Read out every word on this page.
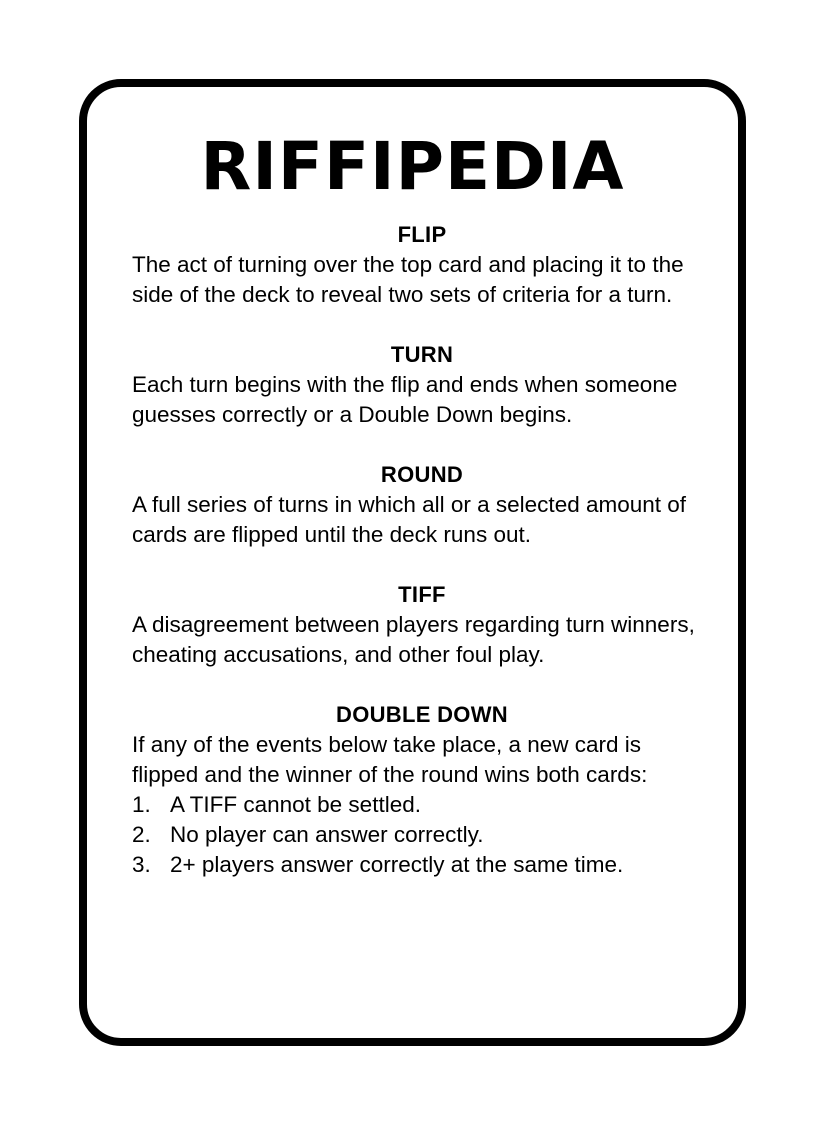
RIFFIPEDIA

FLIP

The act of turning over the top card and placing it to the side of the deck to reveal two sets of criteria for a turn.

TURN

Each turn begins with the flip and ends when someone guesses correctly or a Double Down begins.

ROUND

A full series of turns in which all or a selected amount of cards are flipped until the deck runs out.

TIFF

A disagreement between players regarding turn winners, cheating accusations, and other foul play.

DOUBLE DOWN

If any of the events below take place, a new card is flipped and the winner of the round wins both cards:

1. A TIFF cannot be settled.
2. No player can answer correctly.
3. 2+ players answer correctly at the same time.
